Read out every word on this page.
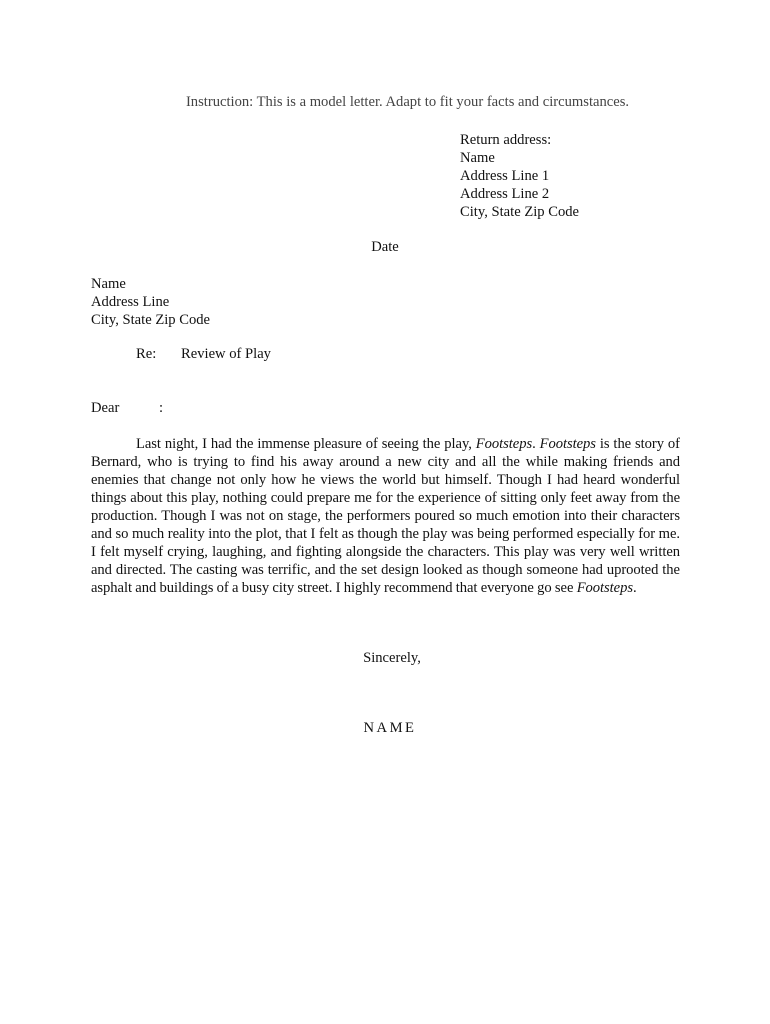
Instruction: This is a model letter. Adapt to fit your facts and circumstances.
Return address:
Name
Address Line 1
Address Line 2
City, State Zip Code
Date
Name
Address Line
City, State Zip Code
Re: Review of Play
Dear	:
Last night, I had the immense pleasure of seeing the play, Footsteps. Footsteps is the story of Bernard, who is trying to find his away around a new city and all the while making friends and enemies that change not only how he views the world but himself. Though I had heard wonderful things about this play, nothing could prepare me for the experience of sitting only feet away from the production. Though I was not on stage, the performers poured so much emotion into their characters and so much reality into the plot, that I felt as though the play was being performed especially for me. I felt myself crying, laughing, and fighting alongside the characters. This play was very well written and directed. The casting was terrific, and the set design looked as though someone had uprooted the asphalt and buildings of a busy city street. I highly recommend that everyone go see Footsteps.
Sincerely,
NAME
